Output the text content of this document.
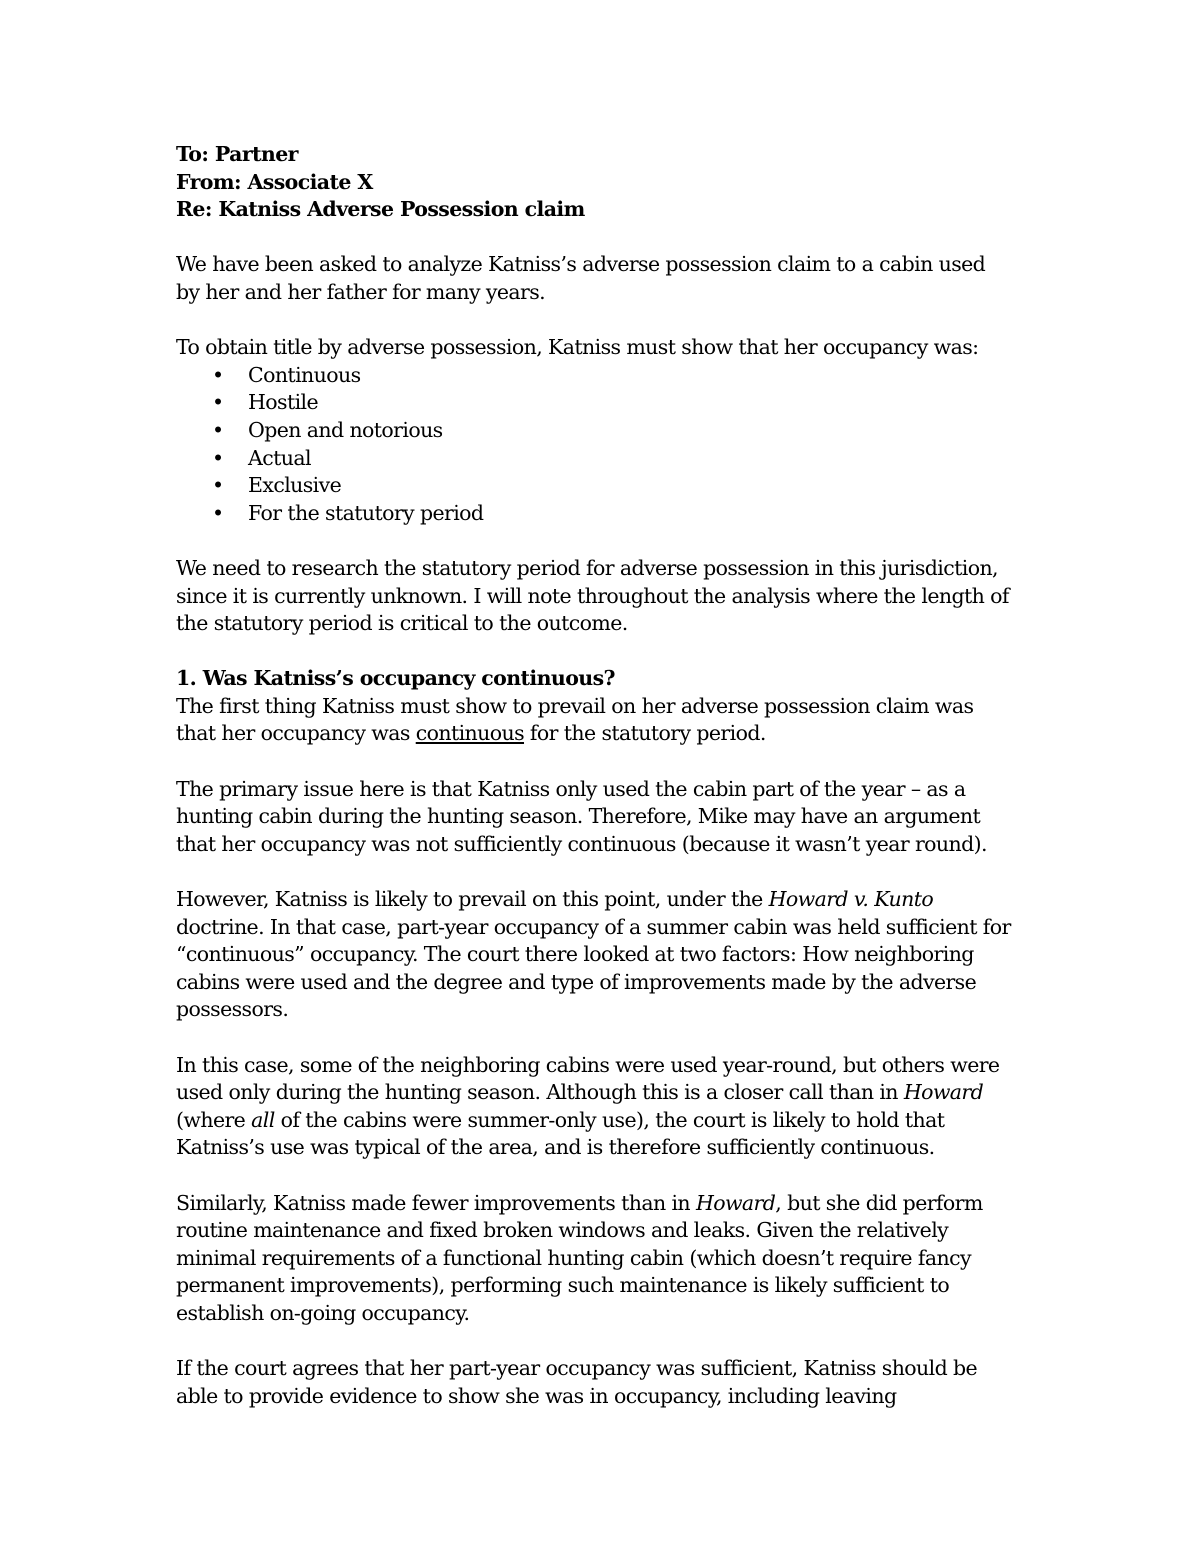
To: Partner
From: Associate X
Re: Katniss Adverse Possession claim
We have been asked to analyze Katniss’s adverse possession claim to a cabin used
by her and her father for many years.
To obtain title by adverse possession, Katniss must show that her occupancy was:
• Continuous
• Hostile
• Open and notorious
• Actual
• Exclusive
• For the statutory period
We need to research the statutory period for adverse possession in this jurisdiction,
since it is currently unknown. I will note throughout the analysis where the length of
the statutory period is critical to the outcome.
1. Was Katniss’s occupancy continuous?
The first thing Katniss must show to prevail on her adverse possession claim was
that her occupancy was continuous for the statutory period.
The primary issue here is that Katniss only used the cabin part of the year – as a
hunting cabin during the hunting season. Therefore, Mike may have an argument
that her occupancy was not sufficiently continuous (because it wasn’t year round).
However, Katniss is likely to prevail on this point, under the Howard v. Kunto
doctrine. In that case, part-year occupancy of a summer cabin was held sufficient for
“continuous” occupancy. The court there looked at two factors: How neighboring
cabins were used and the degree and type of improvements made by the adverse
possessors.
In this case, some of the neighboring cabins were used year-round, but others were
used only during the hunting season. Although this is a closer call than in Howard
(where all of the cabins were summer-only use), the court is likely to hold that
Katniss’s use was typical of the area, and is therefore sufficiently continuous.
Similarly, Katniss made fewer improvements than in Howard, but she did perform
routine maintenance and fixed broken windows and leaks. Given the relatively
minimal requirements of a functional hunting cabin (which doesn’t require fancy
permanent improvements), performing such maintenance is likely sufficient to
establish on-going occupancy.
If the court agrees that her part-year occupancy was sufficient, Katniss should be
able to provide evidence to show she was in occupancy, including leaving
